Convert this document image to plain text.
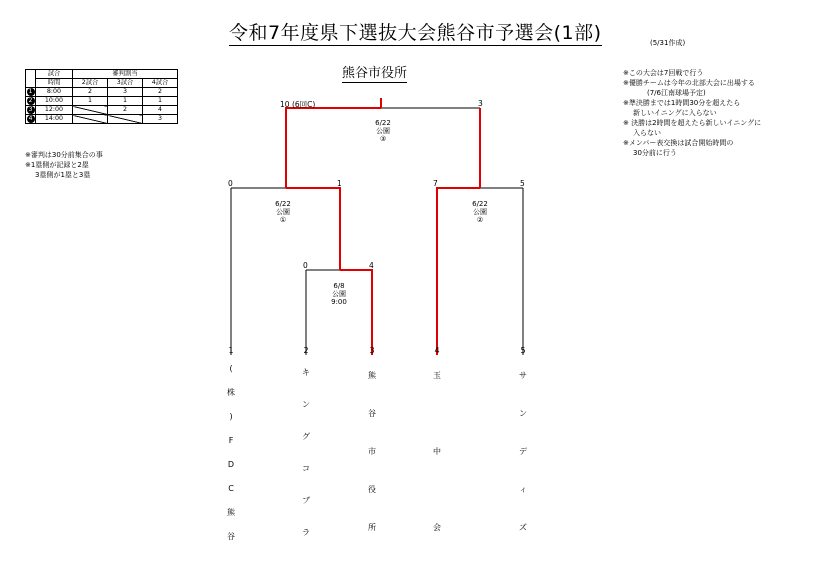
令和7年度県下選抜大会熊谷市予選会(1部)	(5/31作成)
熊谷市役所
	試合	審判割当		
	時間	2試合	3試合	4試合
1	8:00	2	3	2
2	10:00	1	1	1
3	12:00		2	4
4	14:00			3
※審判は30分前集合の事
※1塁側が記録と2塁
3塁側が1塁と3塁
※この大会は7回戦で行う
※優勝チームは今年の北部大会に出場する
(7/6江南球場予定)
※準決勝までは1時間30分を超えたら
新しいイニングに入らない
※ 決勝は2時間を超えたら新しいイニングに
入らない
※メンバー表交換は試合開始時間の
30分前に行う
10 (6回C)	3
0	1	7	5
0	4
6/22
公園
③
6/22
公園
①
6/22
公園
②
6/8
公園
9:00
1
(
株
)
F
D
C
熊
谷
2
キ
ン
グ
コ
ブ
ラ
3
熊
谷
市
役
所
4
玉
中
会
5
サ
ン
デ
ィ
ズ
